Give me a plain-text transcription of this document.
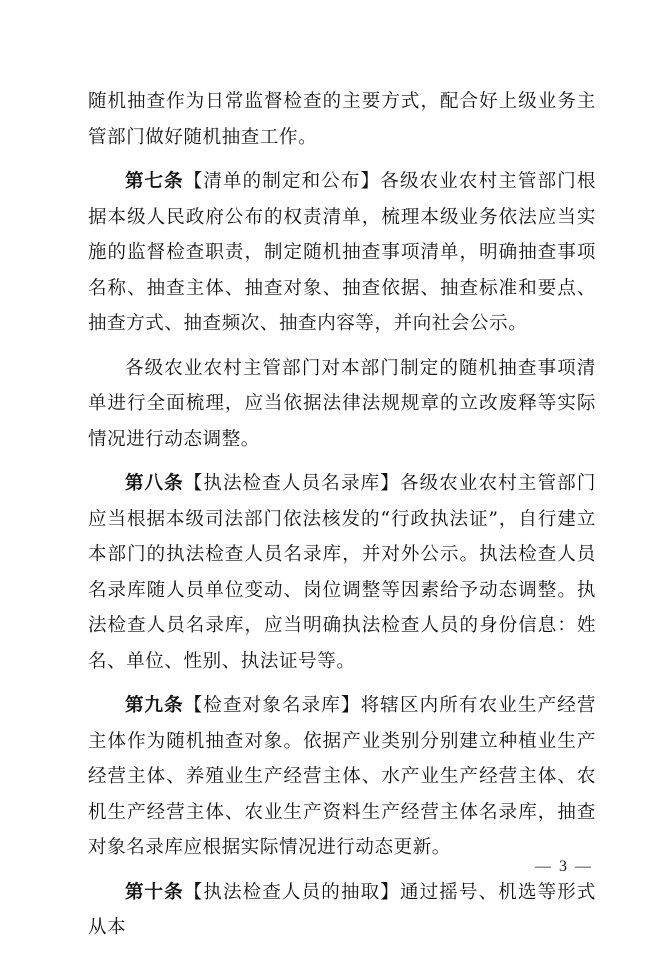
随机抽查作为日常监督检查的主要方式，配合好上级业务主管部门做好随机抽查工作。

第七条【清单的制定和公布】各级农业农村主管部门根据本级人民政府公布的权责清单，梳理本级业务依法应当实施的监督检查职责，制定随机抽查事项清单，明确抽查事项名称、抽查主体、抽查对象、抽查依据、抽查标准和要点、抽查方式、抽查频次、抽查内容等，并向社会公示。

各级农业农村主管部门对本部门制定的随机抽查事项清单进行全面梳理，应当依据法律法规规章的立改废释等实际情况进行动态调整。

第八条【执法检查人员名录库】各级农业农村主管部门应当根据本级司法部门依法核发的“行政执法证”，自行建立本部门的执法检查人员名录库，并对外公示。执法检查人员名录库随人员单位变动、岗位调整等因素给予动态调整。执法检查人员名录库，应当明确执法检查人员的身份信息：姓名、单位、性别、执法证号等。

第九条【检查对象名录库】将辖区内所有农业生产经营主体作为随机抽查对象。依据产业类别分别建立种植业生产经营主体、养殖业生产经营主体、水产业生产经营主体、农机生产经营主体、农业生产资料生产经营主体名录库，抽查对象名录库应根据实际情况进行动态更新。

第十条【执法检查人员的抽取】通过摇号、机选等形式从本

— 3 —
